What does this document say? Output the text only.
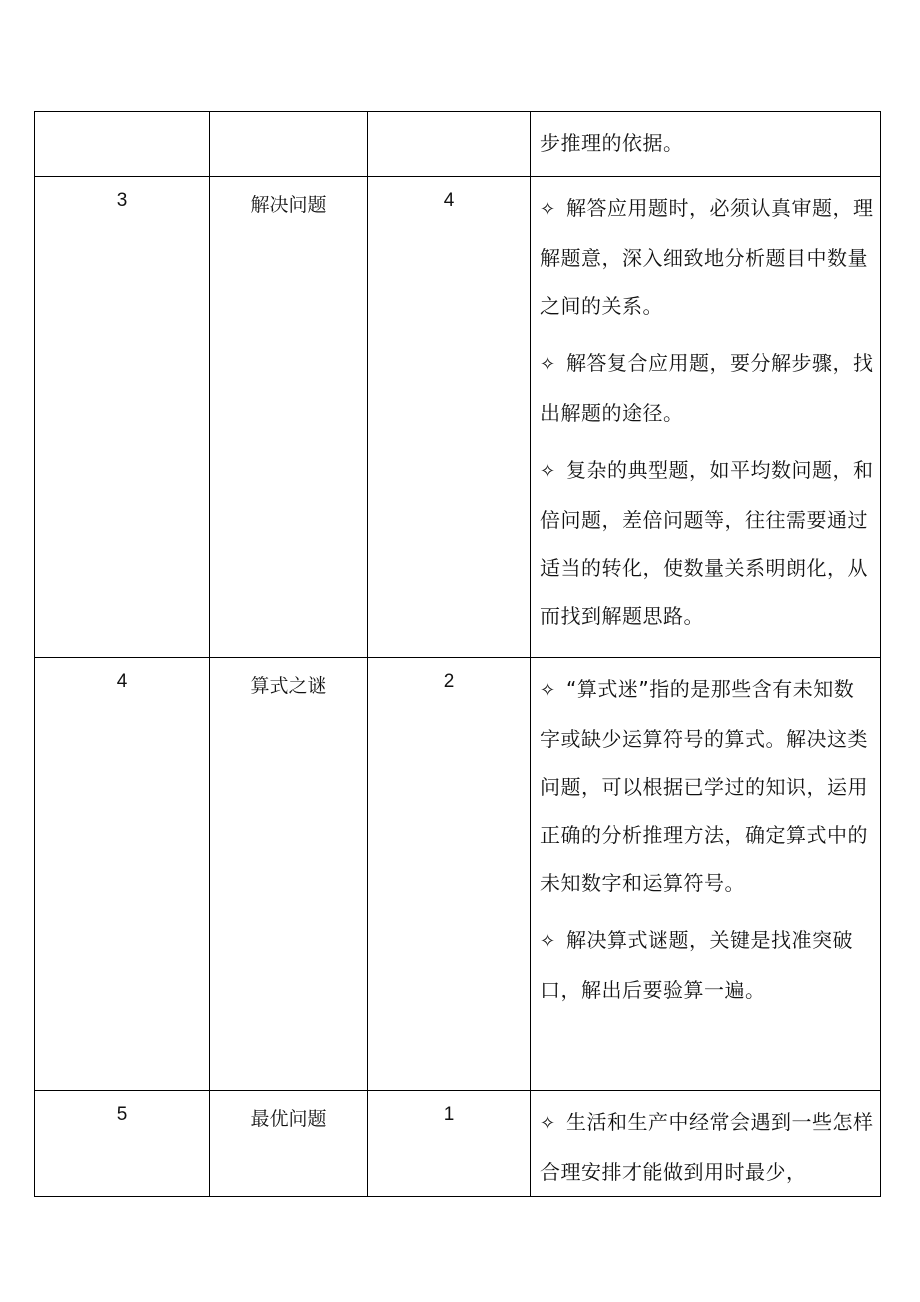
			步推理的依据。

3	解决问题	4	✧ 解答应用题时，必须认真审题，理解题意，深入细致地分析题目中数量之间的关系。

✧ 解答复合应用题，要分解步骤，找出解题的途径。

✧ 复杂的典型题，如平均数问题，和倍问题，差倍问题等，往往需要通过适当的转化，使数量关系明朗化，从而找到解题思路。

4	算式之谜	2	✧ “算式迷”指的是那些含有未知数字或缺少运算符号的算式。解决这类问题，可以根据已学过的知识，运用正确的分析推理方法，确定算式中的未知数字和运算符号。

✧ 解决算式谜题，关键是找准突破口，解出后要验算一遍。

5	最优问题	1	✧ 生活和生产中经常会遇到一些怎样合理安排才能做到用时最少，
